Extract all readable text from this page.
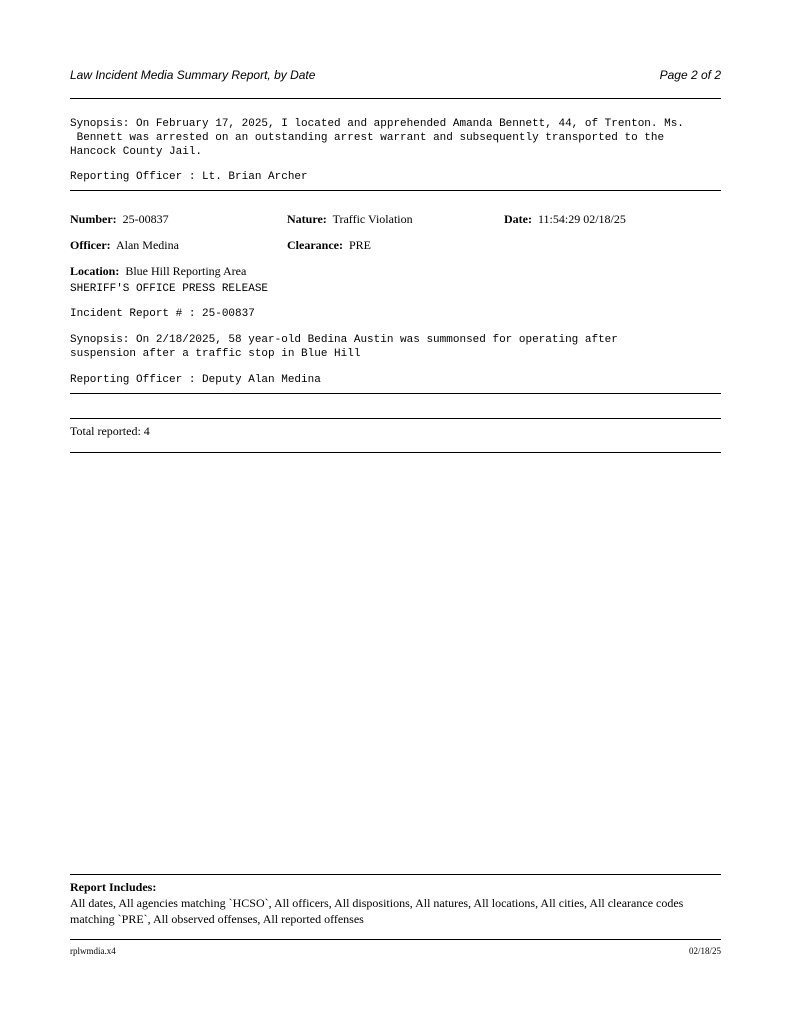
Law Incident Media Summary Report, by Date	Page 2 of 2
Synopsis: On February 17, 2025, I located and apprehended Amanda Bennett, 44, of Trenton. Ms.
Bennett was arrested on an outstanding arrest warrant and subsequently transported to the
Hancock County Jail.
Reporting Officer : Lt. Brian Archer
Number: 25-00837	Nature: Traffic Violation	Date: 11:54:29 02/18/25
Officer: Alan Medina	Clearance: PRE
Location: Blue Hill Reporting Area
SHERIFF'S OFFICE PRESS RELEASE
Incident Report # : 25-00837
Synopsis: On 2/18/2025, 58 year-old Bedina Austin was summonsed for operating after
suspension after a traffic stop in Blue Hill
Reporting Officer : Deputy Alan Medina
Total reported: 4
Report Includes:
All dates, All agencies matching `HCSO`, All officers, All dispositions, All natures, All locations, All cities, All clearance codes matching `PRE`, All observed offenses, All reported offenses
rplwmdia.x4	02/18/25
